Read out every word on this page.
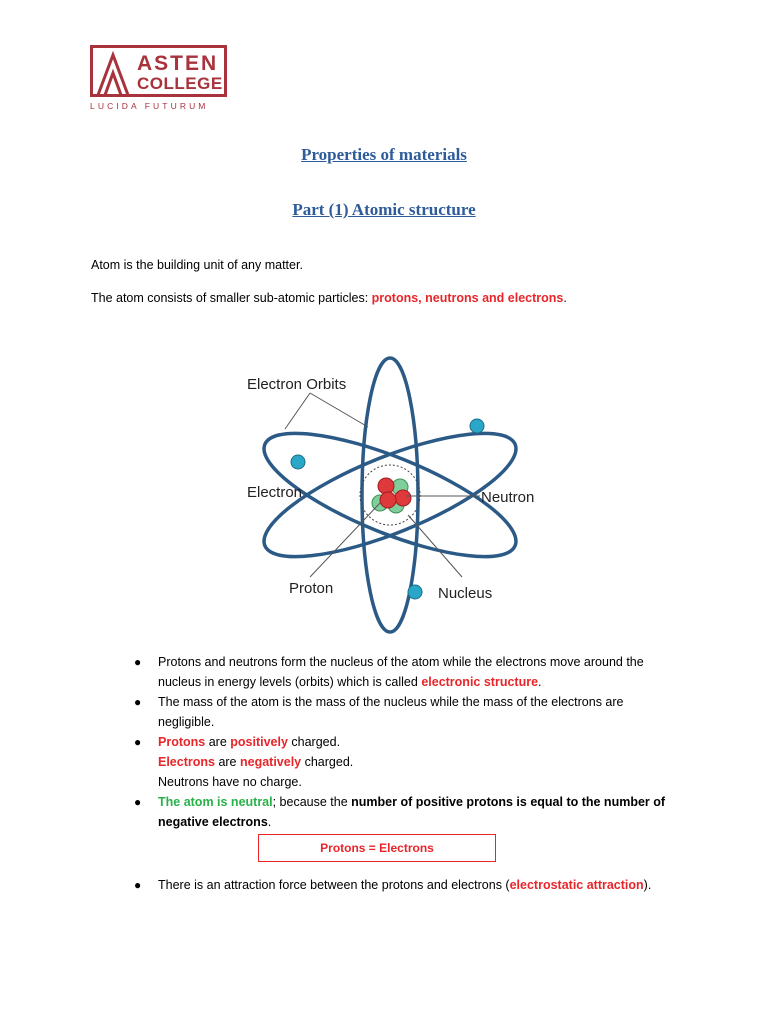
ASTEN
COLLEGE
LUCIDA FUTURUM
Properties of materials
Part (1) Atomic structure
Atom is the building unit of any matter.
The atom consists of smaller sub-atomic particles: protons, neutrons and electrons.
Electron Orbits
Electron	Neutron
Proton	Nucleus
● Protons and neutrons form the nucleus of the atom while the electrons move around the
nucleus in energy levels (orbits) which is called electronic structure.
● The mass of the atom is the mass of the nucleus while the mass of the electrons are
negligible.
● Protons are positively charged.
Electrons are negatively charged.
Neutrons have no charge.
● The atom is neutral; because the number of positive protons is equal to the number of
negative electrons.
Protons = Electrons
● There is an attraction force between the protons and electrons (electrostatic attraction).
